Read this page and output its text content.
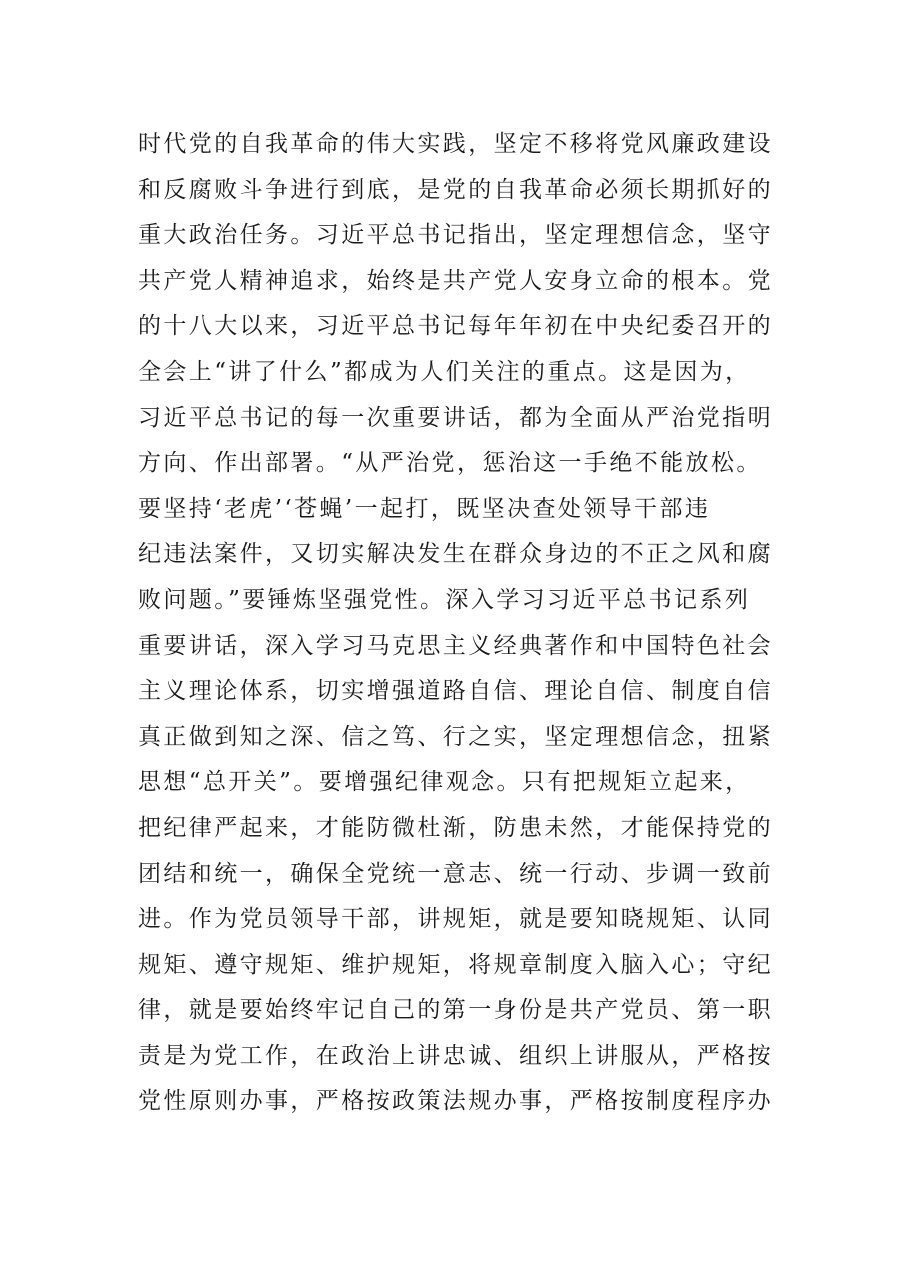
时代党的自我革命的伟大实践，坚定不移将党风廉政建设
和反腐败斗争进行到底，是党的自我革命必须长期抓好的
重大政治任务。习近平总书记指出，坚定理想信念，坚守
共产党人精神追求，始终是共产党人安身立命的根本。党
的十八大以来，习近平总书记每年年初在中央纪委召开的
全会上“讲了什么”都成为人们关注的重点。这是因为，
习近平总书记的每一次重要讲话，都为全面从严治党指明
方向、作出部署。“从严治党，惩治这一手绝不能放松。
要坚持‘老虎’‘苍蝇’一起打，既坚决查处领导干部违
纪违法案件，又切实解决发生在群众身边的不正之风和腐
败问题。”要锤炼坚强党性。深入学习习近平总书记系列
重要讲话，深入学习马克思主义经典著作和中国特色社会
主义理论体系，切实增强道路自信、理论自信、制度自信
真正做到知之深、信之笃、行之实，坚定理想信念，扭紧
思想“总开关”。要增强纪律观念。只有把规矩立起来，
把纪律严起来，才能防微杜渐，防患未然，才能保持党的
团结和统一，确保全党统一意志、统一行动、步调一致前
进。作为党员领导干部，讲规矩，就是要知晓规矩、认同
规矩、遵守规矩、维护规矩，将规章制度入脑入心；守纪
律，就是要始终牢记自己的第一身份是共产党员、第一职
责是为党工作，在政治上讲忠诚、组织上讲服从，严格按
党性原则办事，严格按政策法规办事，严格按制度程序办
